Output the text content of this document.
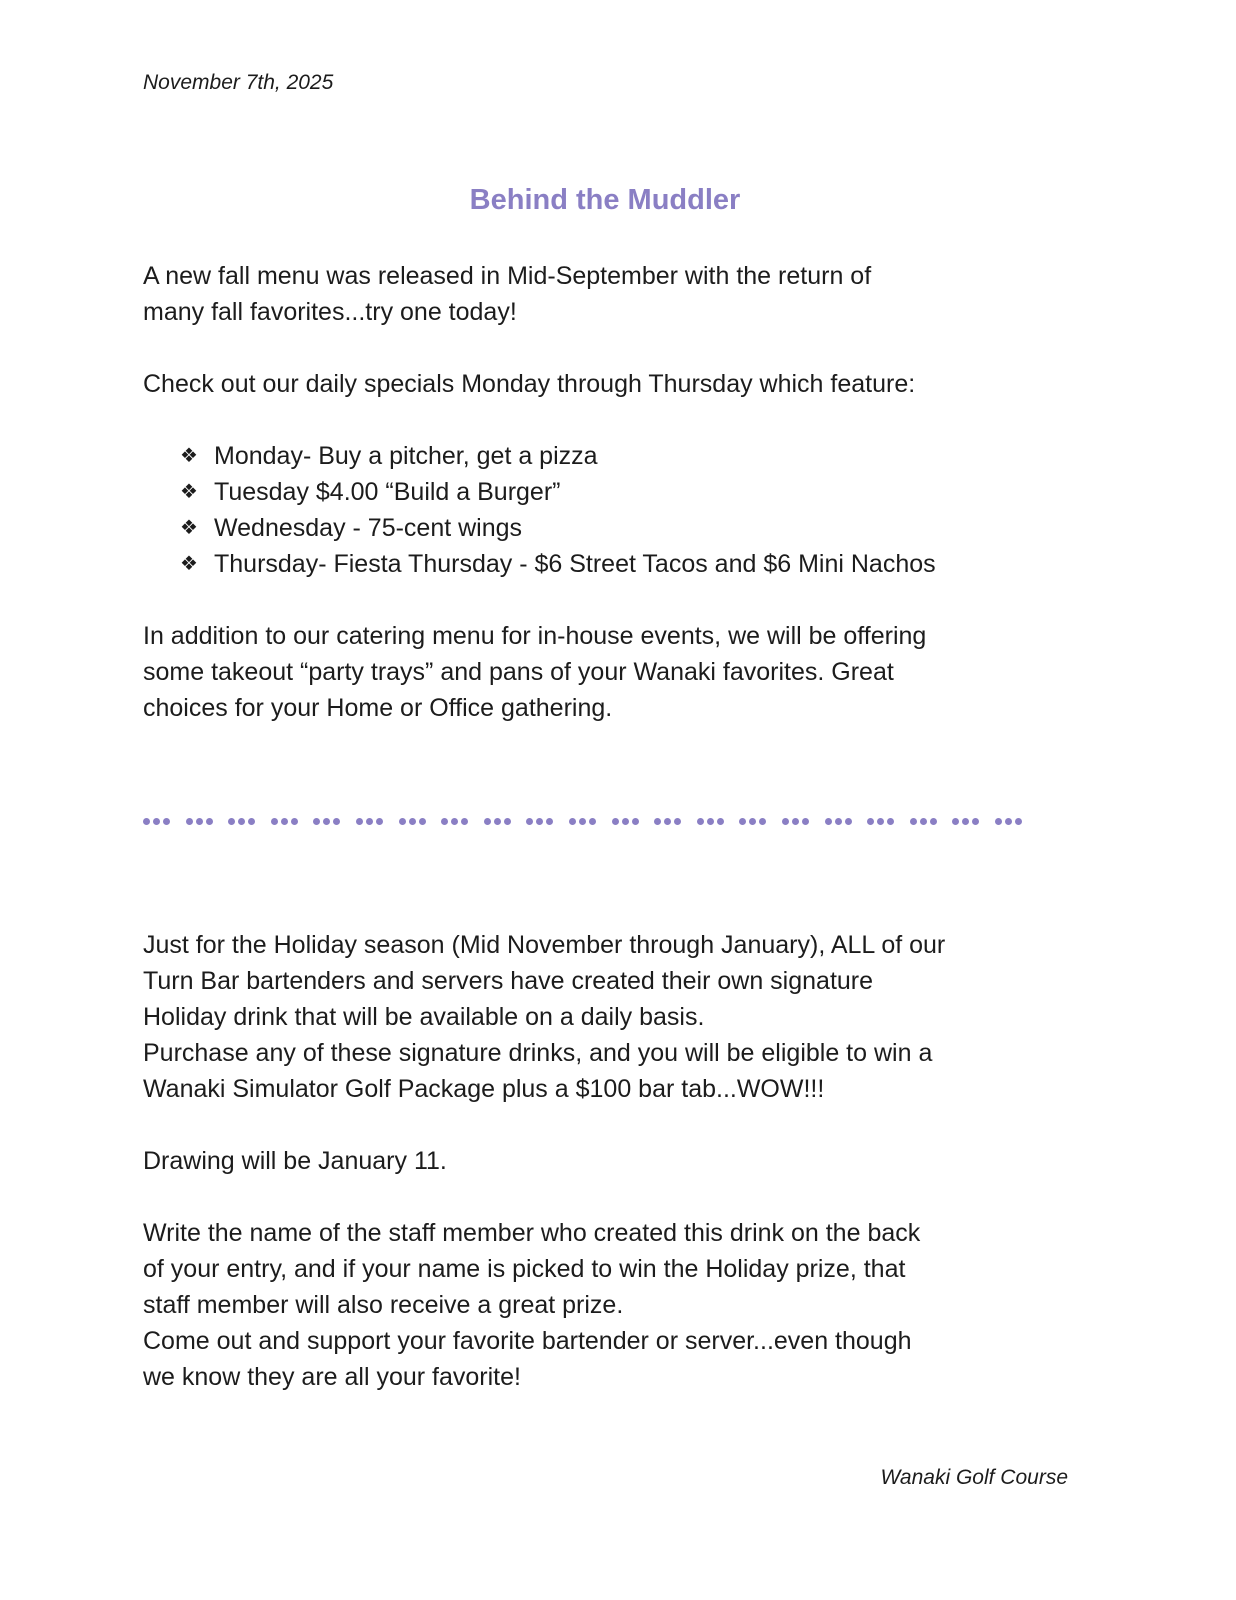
November 7th, 2025
Behind the Muddler
A new fall menu was released in Mid-September with the return of
many fall favorites...try one today!
Check out our daily specials Monday through Thursday which feature:
❖ Monday- Buy a pitcher, get a pizza
❖ Tuesday $4.00 “Build a Burger”
❖ Wednesday - 75-cent wings
❖ Thursday- Fiesta Thursday - $6 Street Tacos and $6 Mini Nachos
In addition to our catering menu for in-house events, we will be offering
some takeout “party trays” and pans of your Wanaki favorites. Great
choices for your Home or Office gathering.
Just for the Holiday season (Mid November through January), ALL of our
Turn Bar bartenders and servers have created their own signature
Holiday drink that will be available on a daily basis.
Purchase any of these signature drinks, and you will be eligible to win a
Wanaki Simulator Golf Package plus a $100 bar tab...WOW!!!
Drawing will be January 11.
Write the name of the staff member who created this drink on the back
of your entry, and if your name is picked to win the Holiday prize, that
staff member will also receive a great prize.
Come out and support your favorite bartender or server...even though
we know they are all your favorite!
Wanaki Golf Course
